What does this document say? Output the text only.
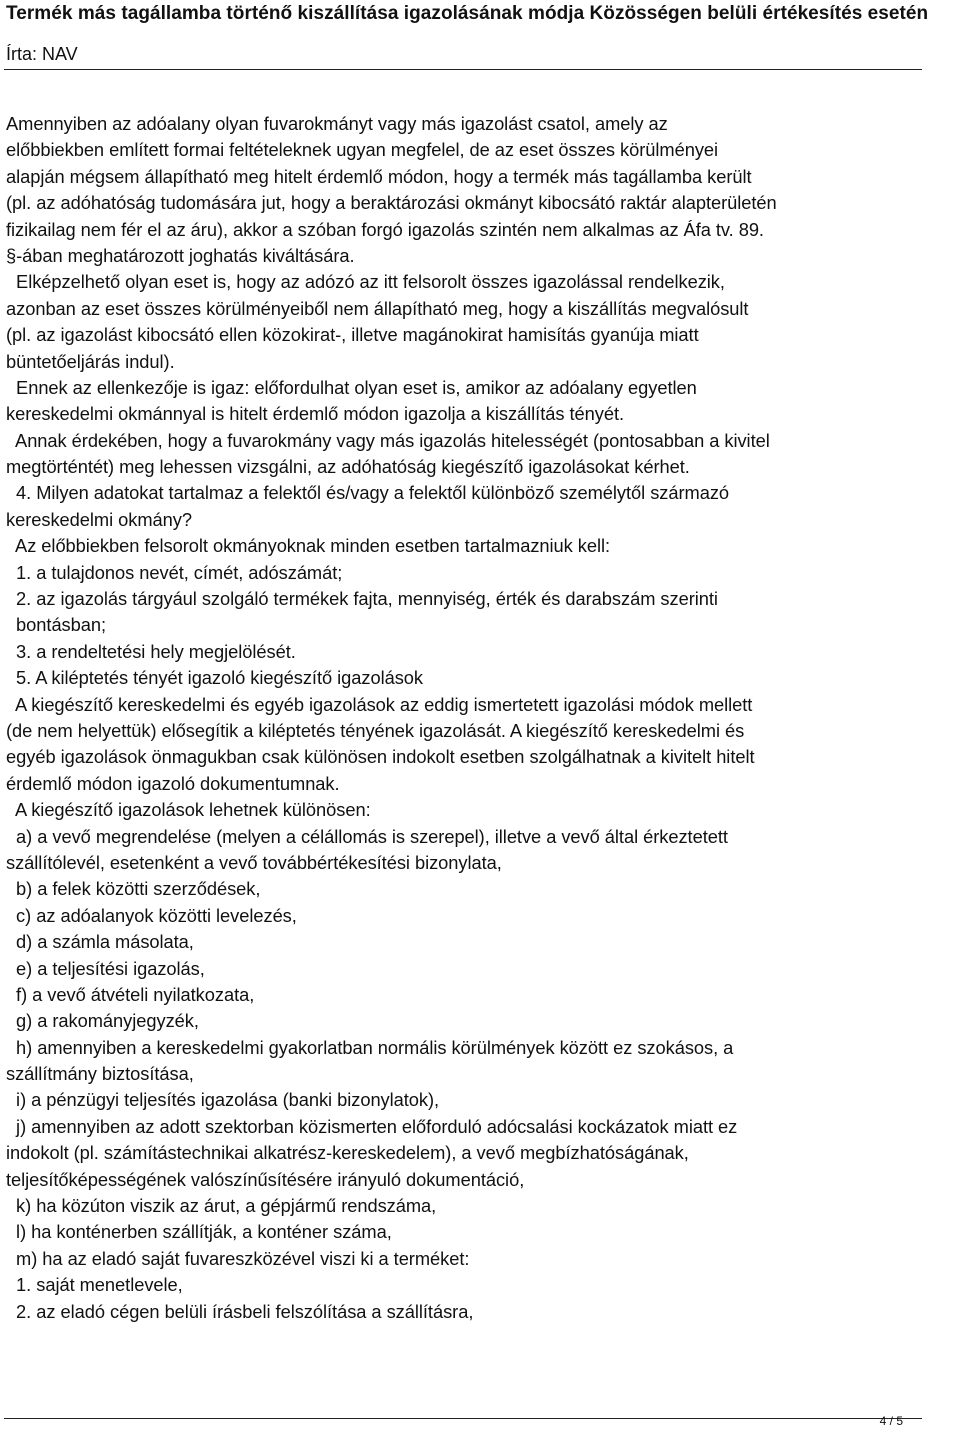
Termék más tagállamba történő kiszállítása igazolásának módja Közösségen belüli értékesítés esetén
Írta: NAV
Amennyiben az adóalany olyan fuvarokmányt vagy más igazolást csatol, amely az
előbbiekben említett formai feltételeknek ugyan megfelel, de az eset összes körülményei
alapján mégsem állapítható meg hitelt érdemlő módon, hogy a termék más tagállamba került
(pl. az adóhatóság tudomására jut, hogy a beraktározási okmányt kibocsátó raktár alapterületén
fizikailag nem fér el az áru), akkor a szóban forgó igazolás szintén nem alkalmas az Áfa tv. 89.
§-ában meghatározott joghatás kiváltására.
Elképzelhető olyan eset is, hogy az adózó az itt felsorolt összes igazolással rendelkezik,
azonban az eset összes körülményeiből nem állapítható meg, hogy a kiszállítás megvalósult
(pl. az igazolást kibocsátó ellen közokirat-, illetve magánokirat hamisítás gyanúja miatt
büntetőeljárás indul).
Ennek az ellenkezője is igaz: előfordulhat olyan eset is, amikor az adóalany egyetlen
kereskedelmi okmánnyal is hitelt érdemlő módon igazolja a kiszállítás tényét.
Annak érdekében, hogy a fuvarokmány vagy más igazolás hitelességét (pontosabban a kivitel
megtörténtét) meg lehessen vizsgálni, az adóhatóság kiegészítő igazolásokat kérhet.
4. Milyen adatokat tartalmaz a felektől és/vagy a felektől különböző személytől származó
kereskedelmi okmány?
Az előbbiekben felsorolt okmányoknak minden esetben tartalmazniuk kell:
1. a tulajdonos nevét, címét, adószámát;
2. az igazolás tárgyául szolgáló termékek fajta, mennyiség, érték és darabszám szerinti
bontásban;
3. a rendeltetési hely megjelölését.
5. A kiléptetés tényét igazoló kiegészítő igazolások
A kiegészítő kereskedelmi és egyéb igazolások az eddig ismertetett igazolási módok mellett
(de nem helyettük) elősegítik a kiléptetés tényének igazolását. A kiegészítő kereskedelmi és
egyéb igazolások önmagukban csak különösen indokolt esetben szolgálhatnak a kivitelt hitelt
érdemlő módon igazoló dokumentumnak.
A kiegészítő igazolások lehetnek különösen:
a) a vevő megrendelése (melyen a célállomás is szerepel), illetve a vevő által érkeztetett
szállítólevél, esetenként a vevő továbbértékesítési bizonylata,
b) a felek közötti szerződések,
c) az adóalanyok közötti levelezés,
d) a számla másolata,
e) a teljesítési igazolás,
f) a vevő átvételi nyilatkozata,
g) a rakományjegyzék,
h) amennyiben a kereskedelmi gyakorlatban normális körülmények között ez szokásos, a
szállítmány biztosítása,
i) a pénzügyi teljesítés igazolása (banki bizonylatok),
j) amennyiben az adott szektorban közismerten előforduló adócsalási kockázatok miatt ez
indokolt (pl. számítástechnikai alkatrész-kereskedelem), a vevő megbízhatóságának,
teljesítőképességének valószínűsítésére irányuló dokumentáció,
k) ha közúton viszik az árut, a gépjármű rendszáma,
l) ha konténerben szállítják, a konténer száma,
m) ha az eladó saját fuvareszközével viszi ki a terméket:
1. saját menetlevele,
2. az eladó cégen belüli írásbeli felszólítása a szállításra,
4 / 5
